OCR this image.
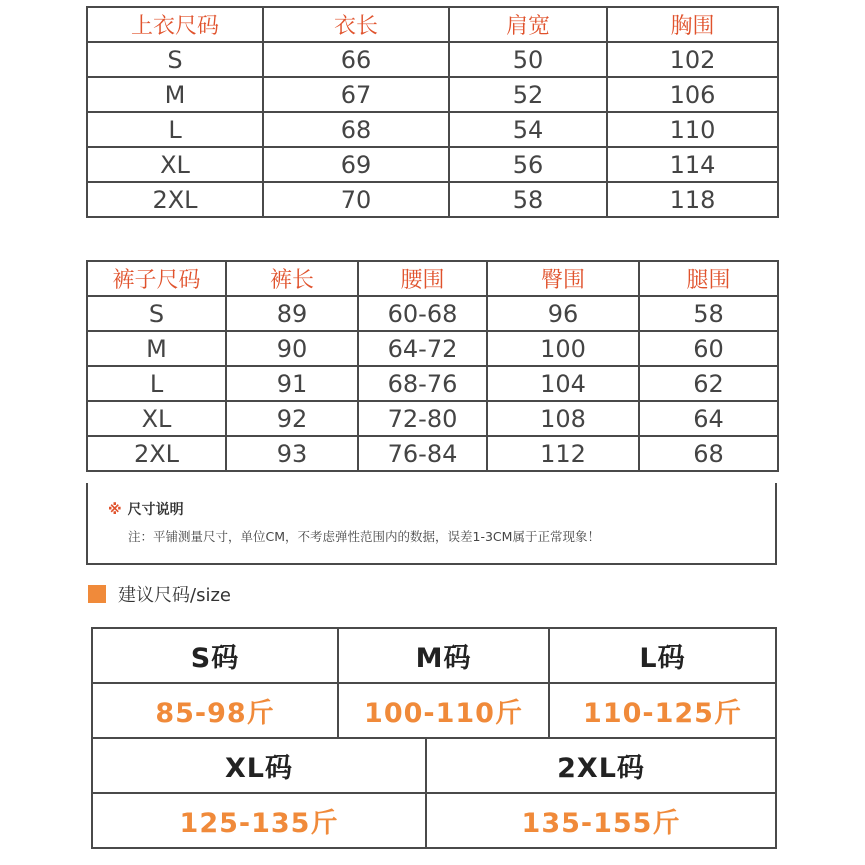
上衣尺码	衣长	肩宽	胸围
S	66	50	102
M	67	52	106
L	68	54	110
XL	69	56	114
2XL	70	58	118
裤子尺码	裤长	腰围	臀围	腿围
S	89	60-68	96	58
M	90	64-72	100	60
L	91	68-76	104	62
XL	92	72-80	108	64
2XL	93	76-84	112	68
※ 尺寸说明
注：平铺测量尺寸，单位CM，不考虑弹性范围内的数据，误差1-3CM属于正常现象！
建议尺码/size
S码	M码		L码
85-98斤	100-110斤		110-125斤
XL码		2XL码	
125-135斤		135-155斤	
